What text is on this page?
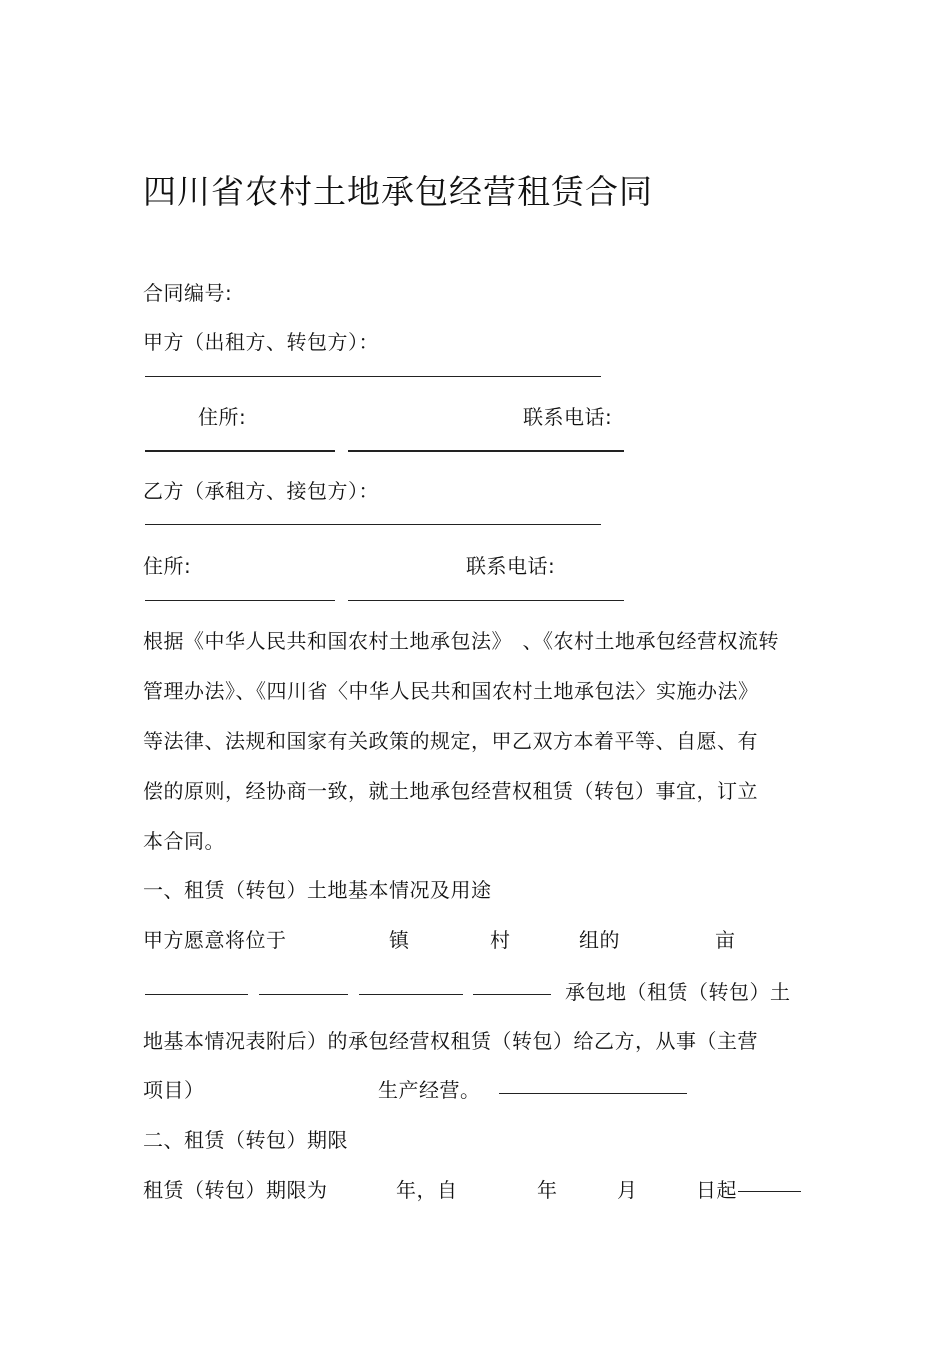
四川省农村土地承包经营租赁合同
合同编号:
甲方（出租方、转包方）：
住所:	联系电话:
乙方（承租方、接包方）：
住所:	联系电话:
根据《中华人民共和国农村土地承包法》　、《农村土地承包经营权流转
管理办法》、《四川省〈中华人民共和国农村土地承包法〉实施办法》
等法律、法规和国家有关政策的规定，甲乙双方本着平等、自愿、有
偿的原则，经协商一致，就土地承包经营权租赁（转包）事宜，订立
本合同。
一、租赁（转包）土地基本情况及用途
甲方愿意将位于	镇	村	组的	亩
承包地（租赁（转包）土
地基本情况表附后）的承包经营权租赁（转包）给乙方，从事（主营
项目）	生产经营。
二、租赁（转包）期限
租赁（转包）期限为	年，自	年	月	日起
